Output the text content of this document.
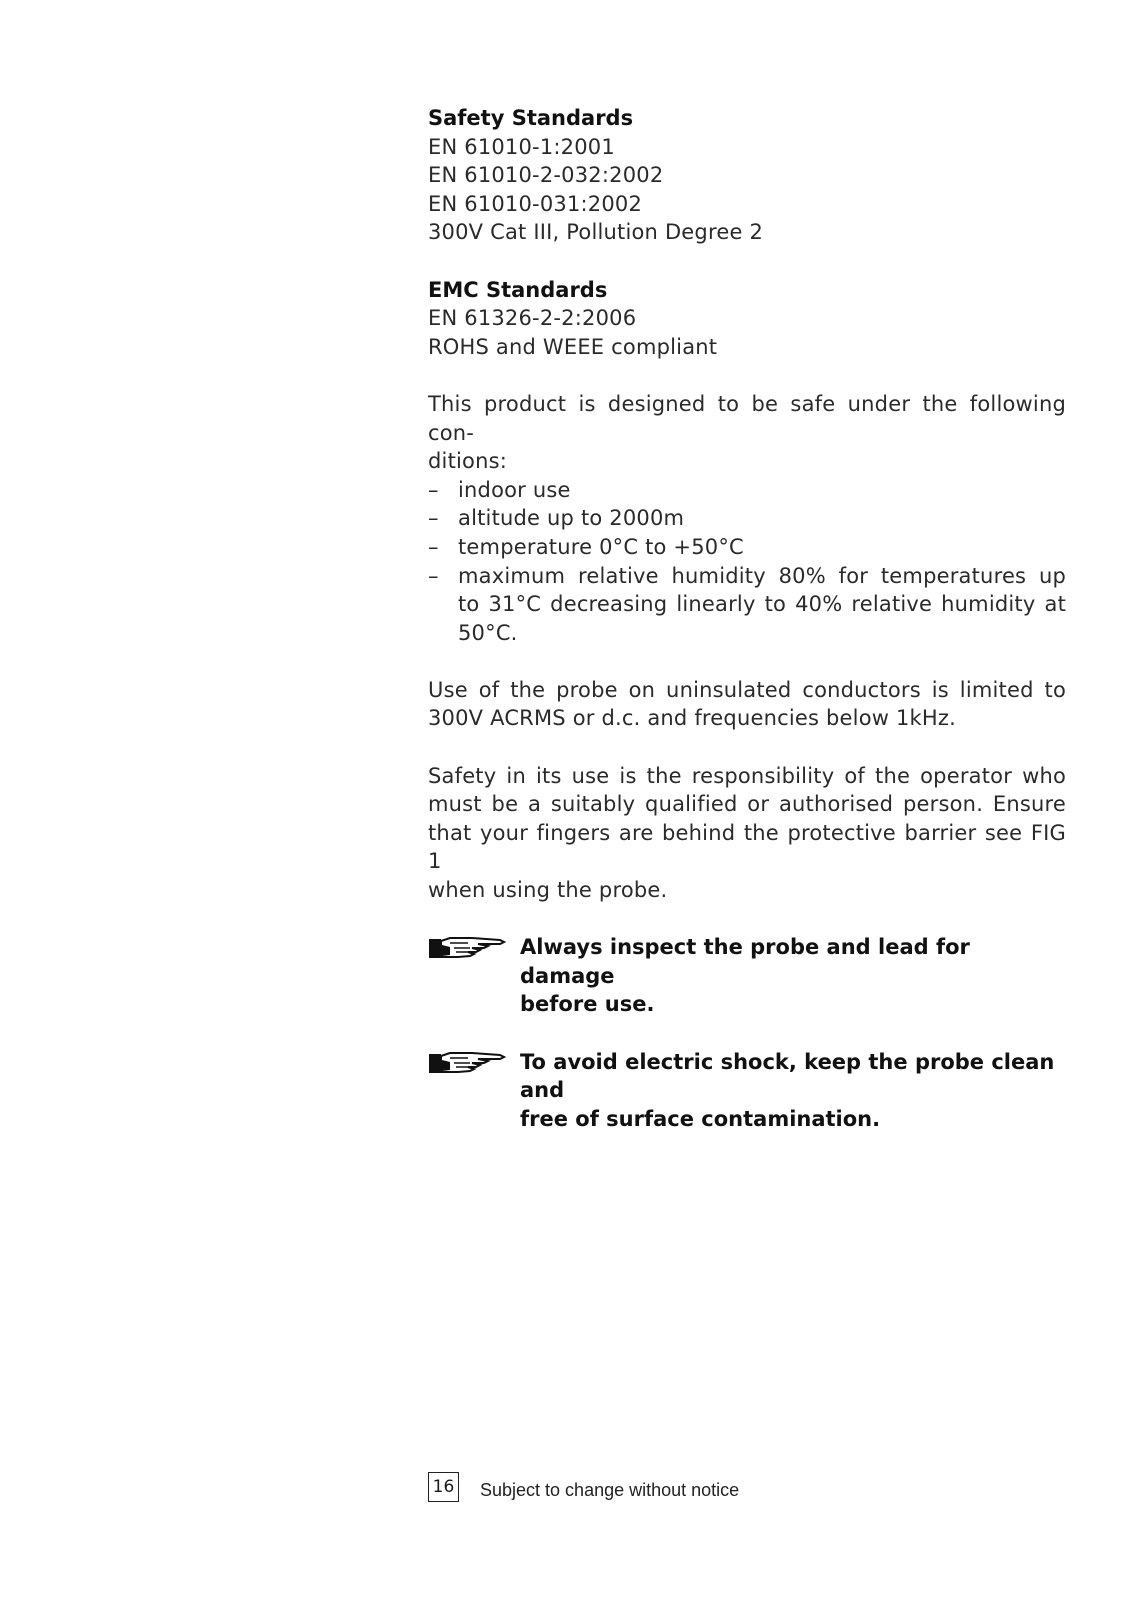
Safety Standards
EN 61010-1:2001
EN 61010-2-032:2002
EN 61010-031:2002
300V Cat III, Pollution Degree 2
EMC Standards
EN 61326-2-2:2006
ROHS and WEEE compliant
This product is designed to be safe under the following con-
ditions:
– indoor use
– altitude up to 2000m
– temperature 0°C to +50°C
– maximum relative humidity 80% for temperatures up
to 31°C decreasing linearly to 40% relative humidity at
50°C.
Use of the probe on uninsulated conductors is limited to
300V ACRMS or d.c. and frequencies below 1kHz.
Safety in its use is the responsibility of the operator who
must be a suitably qualified or authorised person. Ensure
that your fingers are behind the protective barrier see FIG 1
when using the probe.
Always inspect the probe and lead for damage
before use.
To avoid electric shock, keep the probe clean and
free of surface contamination.
16 Subject to change without notice
